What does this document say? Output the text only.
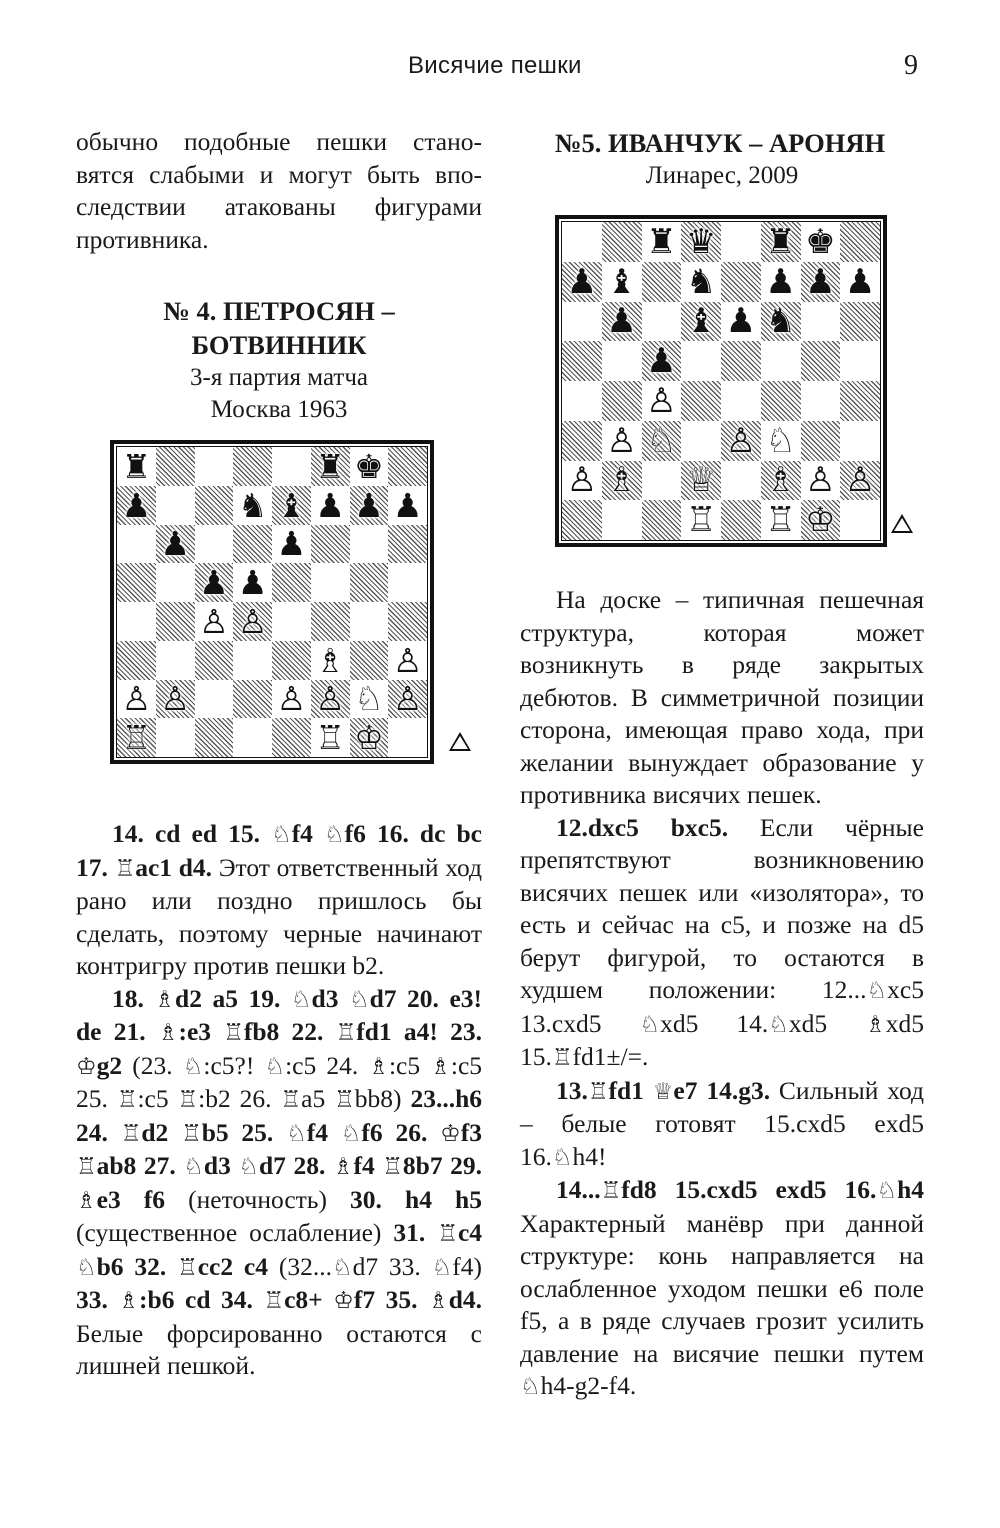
Висячие пешки	9

обычно подобные пешки стано-

вятся слабыми и могут быть впо-

следствии атакованы фигурами

противника.

№ 4. ПЕТРОСЯН – БОТВИННИК

3-я партия матча

Москва 1963

♜	♜ ♚
♟	♞ ♝ ♟ ♟ ♟
♟	♟
♟ ♟
♙ ♙
♗ ♙
♙ ♙	♙ ♙ ♘ ♙
♖	♖ ♔

14. cd ed 15. ♘f4 ♘f6 16. dc bc 17. ♖ac1 d4. Этот ответственный ход рано или поздно пришлось бы сделать, поэтому черные начинают контригру против пешки b2.

18. ♗d2 a5 19. ♘d3 ♘d7 20. e3! de 21. ♗:e3 ♖fb8 22. ♖fd1 a4! 23. ♔g2 (23. ♘:c5?! ♘:c5 24. ♗:c5 ♗:c5 25. ♖:c5 ♖:b2 26. ♖a5 ♖bb8) 23...h6 24. ♖d2 ♖b5 25. ♘f4 ♘f6 26. ♔f3 ♖ab8 27. ♘d3 ♘d7 28. ♗f4 ♖8b7 29. ♗e3 f6 (неточность) 30. h4 h5 (существенное ослабление) 31. ♖c4 ♘b6 32. ♖cc2 c4 (32...♘d7 33. ♘f4) 33. ♗:b6 cd 34. ♖c8+ ♔f7 35. ♗d4. Белые форсированно остаются с лишней пешкой.

№5. ИВАНЧУК – АРОНЯН

Линарес, 2009

♜ ♛ ♜ ♚
♟ ♝ ♞ ♟ ♟ ♟
♟ ♝ ♟ ♞
♟
♙
♙ ♘ ♙ ♘
♙ ♗ ♕ ♗ ♙ ♙
♖ ♖ ♔

На доске – типичная пешечная структура, которая может возникнуть в ряде закрытых дебютов. В симметричной позиции сторона, имеющая право хода, при желании вынуждает образование у противника висячих пешек.

12.dxc5 bxc5. Если чёрные препятствуют возникновению висячих пешек или «изолятора», то есть и сейчас на c5, и позже на d5 берут фигурой, то остаются в худшем положении: 12...♘xc5 13.cxd5 ♘xd5 14.♘xd5 ♗xd5 15.♖fd1±/=.

13.♖fd1 ♕e7 14.g3. Сильный ход – белые готовят 15.cxd5 exd5 16.♘h4!

14...♖fd8 15.cxd5 exd5 16.♘h4 Характерный манёвр при данной структуре: конь направляется на ослабленное уходом пешки e6 поле f5, а в ряде случаев грозит усилить давление на висячие пешки путем ♘h4-g2-f4.
